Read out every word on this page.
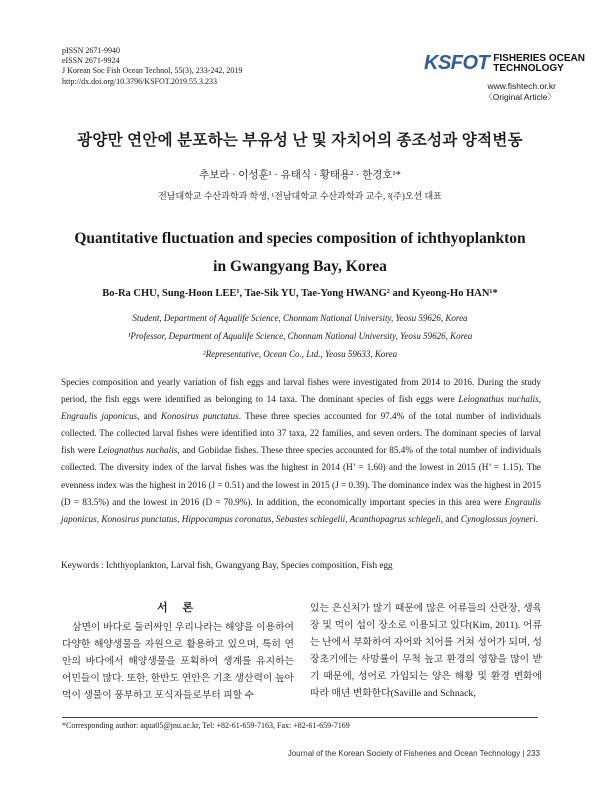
pISSN 2671-9940
eISSN 2671-9924
J Korean Soc Fish Ocean Technol, 55(3), 233-242, 2019
http://dx.doi.org/10.3796/KSFOT.2019.55.3.233
KSFOT FISHERIES OCEAN
TECHNOLOGY
www.fishtech.or.kr
〈Original Article〉
광양만 연안에 분포하는 부유성 난 및 자치어의 종조성과 양적변동
추보라 · 이성훈¹ · 유태식 · 황태용² · 한경호¹*
전남대학교 수산과학과 학생, ¹전남대학교 수산과학과 교수, ²(주)오션 대표
Quantitative fluctuation and species composition of ichthyoplankton in Gwangyang Bay, Korea
Bo-Ra CHU, Sung-Hoon LEE¹, Tae-Sik YU, Tae-Yong HWANG² and Kyeong-Ho HAN¹*
Student, Department of Aqualife Science, Chonnam National University, Yeosu 59626, Korea
¹Professor, Department of Aqualife Science, Chonnam National University, Yeosu 59626, Korea
²Representative, Ocean Co., Ltd., Yeosu 59633, Korea
Species composition and yearly variation of fish eggs and larval fishes were investigated from 2014 to 2016. During the study period, the fish eggs were identified as belonging to 14 taxa. The dominant species of fish eggs were Leiognathus nuchalis, Engraulis japonicus, and Konosirus punctatus. These three species accounted for 97.4% of the total number of individuals collected. The collected larval fishes were identified into 37 taxa, 22 families, and seven orders. The dominant species of larval fish were Leiognathus nuchalis, and Gobiidae fishes. These three species accounted for 85.4% of the total number of individuals collected. The diversity index of the larval fishes was the highest in 2014 (H’ = 1.60) and the lowest in 2015 (H’ = 1.15). The evenness index was the highest in 2016 (J = 0.51) and the lowest in 2015 (J = 0.39). The dominance index was the highest in 2015 (D = 83.5%) and the lowest in 2016 (D = 70.9%). In addition, the economically important species in this area were Engraulis japonicus, Konosirus punctatus, Hippocampus coronatus, Sebastes schlegelii, Acanthopagrus schlegeli, and Cynoglossus joyneri.
Keywords : Ichthyoplankton, Larval fish, Gwangyang Bay, Species composition, Fish egg
서 론
삼면이 바다로 둘러싸인 우리나라는 해양을 이용하여 다양한 해양생물을 자원으로 활용하고 있으며, 특히 연안의 바다에서 해양생물을 포획하여 생계를 유지하는 어민들이 많다. 또한, 한반도 연안은 기초 생산력이 높아 먹이 생물이 풍부하고 포식자들로부터 피할 수
있는 은신처가 많기 때문에 많은 어류들의 산란장, 생육장 및 먹이 섭이 장소로 이용되고 있다(Kim, 2011). 어류는 난에서 부화하여 자어와 치어를 거쳐 성어가 되며, 성장초기에는 사망률이 무척 높고 환경의 영향을 많이 받기 때문에, 성어로 가입되는 양은 해황 및 환경 변화에 따라 매년 변화한다(Saville and Schnack,
*Corresponding author: aqua05@jnu.ac.kr, Tel: +82-61-659-7163, Fax: +82-61-659-7169
Journal of the Korean Society of Fisheries and Ocean Technology | 233
